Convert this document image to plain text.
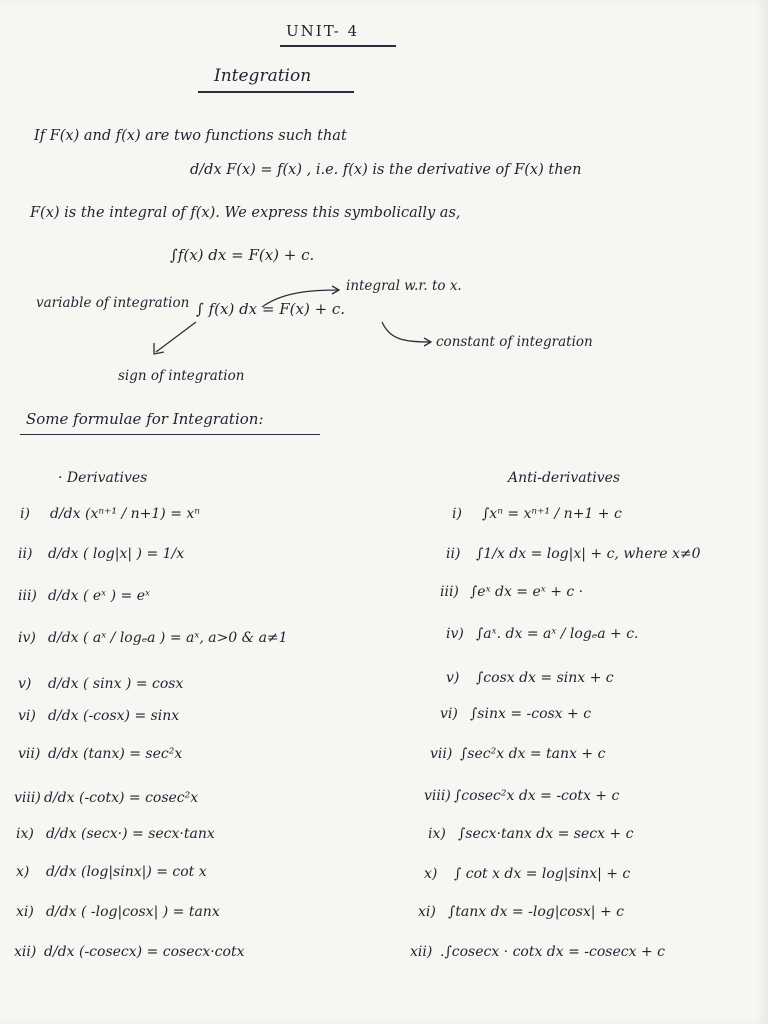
UNIT- 4
Integration
If F(x) and f(x) are two functions such that
d/dx F(x) = f(x) , i.e. f(x) is the derivative of F(x) then
F(x) is the integral of f(x). We express this symbolically as,
∫f(x) dx = F(x) + c.
variable of integration ∫ f(x) dx = F(x) + c.
integral w.r. to x.
constant of integration
sign of integration
Some formulae for Integration:
· Derivatives	Anti-derivatives
i) d/dx (xⁿ⁺¹ / n+1) = xⁿ
ii) d/dx ( log|x| ) = 1/x
iii) d/dx ( eˣ ) = eˣ
iv) d/dx ( aˣ / logₑa ) = aˣ, a>0 & a≠1
v) d/dx ( sinx ) = cosx
vi) d/dx (-cosx) = sinx
vii) d/dx (tanx) = sec²x
viii) d/dx (-cotx) = cosec²x
ix) d/dx (secx·) = secx·tanx
x) d/dx (log|sinx|) = cot x
xi) d/dx ( -log|cosx| ) = tanx
xii) d/dx (-cosecx) = cosecx·cotx
i) ∫xⁿ = xⁿ⁺¹ / n+1 + c
ii) ∫1/x dx = log|x| + c, where x≠0
iii) ∫eˣ dx = eˣ + c ·
iv) ∫aˣ. dx = aˣ / logₑa + c.
v) ∫cosx dx = sinx + c
vi) ∫sinx = -cosx + c
vii) ∫sec²x dx = tanx + c
viii) ∫cosec²x dx = -cotx + c
ix) ∫secx·tanx dx = secx + c
x) ∫ cot x dx = log|sinx| + c
xi) ∫tanx dx = -log|cosx| + c
xii) .∫cosecx · cotx dx = -cosecx + c
